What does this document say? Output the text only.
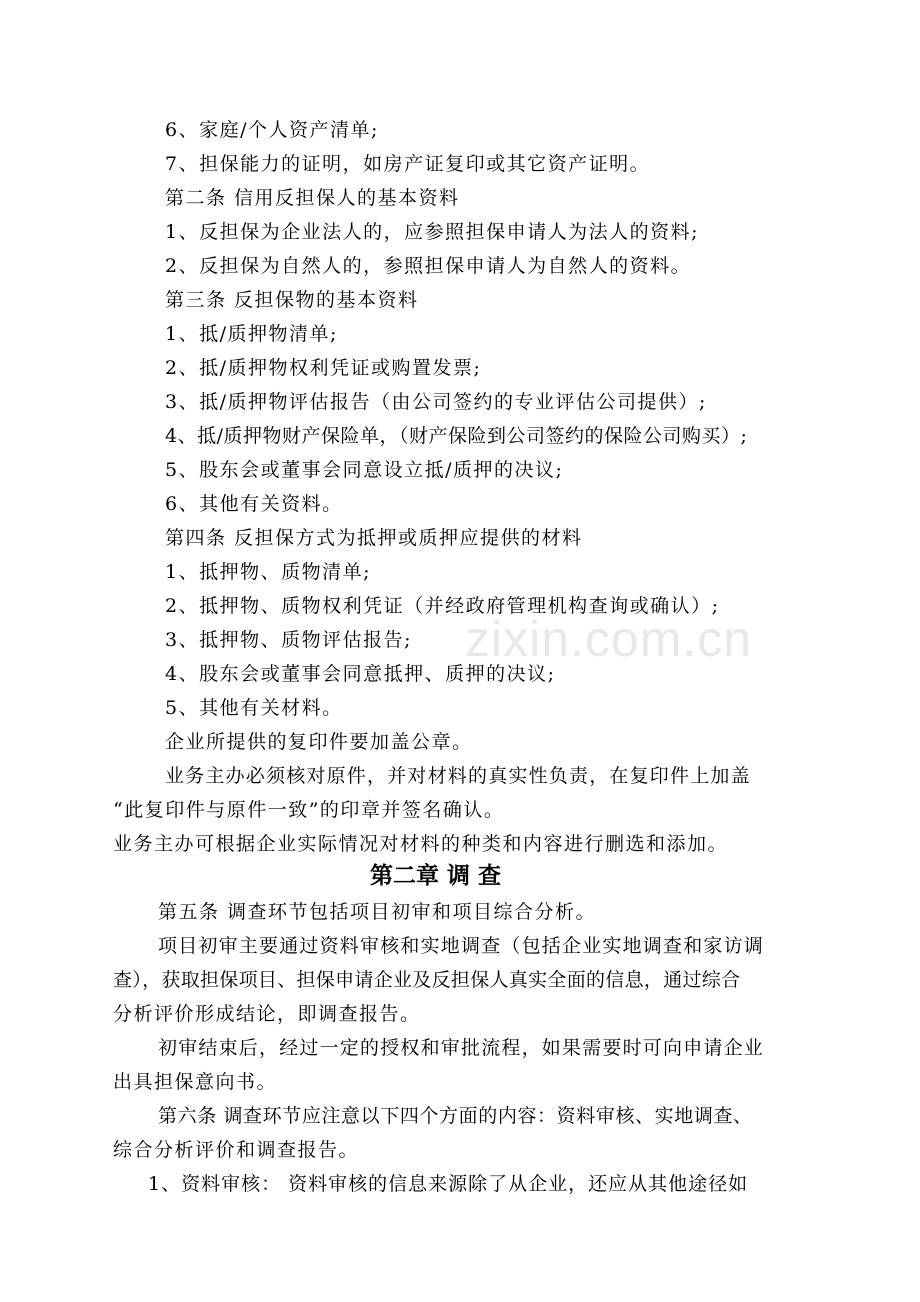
6、家庭/个人资产清单;
7、担保能力的证明，如房产证复印或其它资产证明。
第二条 信用反担保人的基本资料
1、反担保为企业法人的，应参照担保申请人为法人的资料;
2、反担保为自然人的，参照担保申请人为自然人的资料。
第三条 反担保物的基本资料
1、抵/质押物清单;
2、抵/质押物权利凭证或购置发票;
3、抵/质押物评估报告（由公司签约的专业评估公司提供）;
4、抵/质押物财产保险单，（财产保险到公司签约的保险公司购买）;
5、股东会或董事会同意设立抵/质押的决议;
6、其他有关资料。
第四条 反担保方式为抵押或质押应提供的材料
1、抵押物、质物清单;
2、抵押物、质物权利凭证（并经政府管理机构查询或确认）;
3、抵押物、质物评估报告;
4、股东会或董事会同意抵押、质押的决议;
5、其他有关材料。
企业所提供的复印件要加盖公章。
业务主办必须核对原件，并对材料的真实性负责，在复印件上加盖
“此复印件与原件一致”的印章并签名确认。
业务主办可根据企业实际情况对材料的种类和内容进行删选和添加。
第二章 调 查
第五条 调查环节包括项目初审和项目综合分析。
项目初审主要通过资料审核和实地调查（包括企业实地调查和家访调
查），获取担保项目、担保申请企业及反担保人真实全面的信息，通过综合
分析评价形成结论，即调查报告。
初审结束后，经过一定的授权和审批流程，如果需要时可向申请企业
出具担保意向书。
第六条 调查环节应注意以下四个方面的内容：资料审核、实地调查、
综合分析评价和调查报告。
1、资料审核： 资料审核的信息来源除了从企业，还应从其他途径如
zixin.com.cn
